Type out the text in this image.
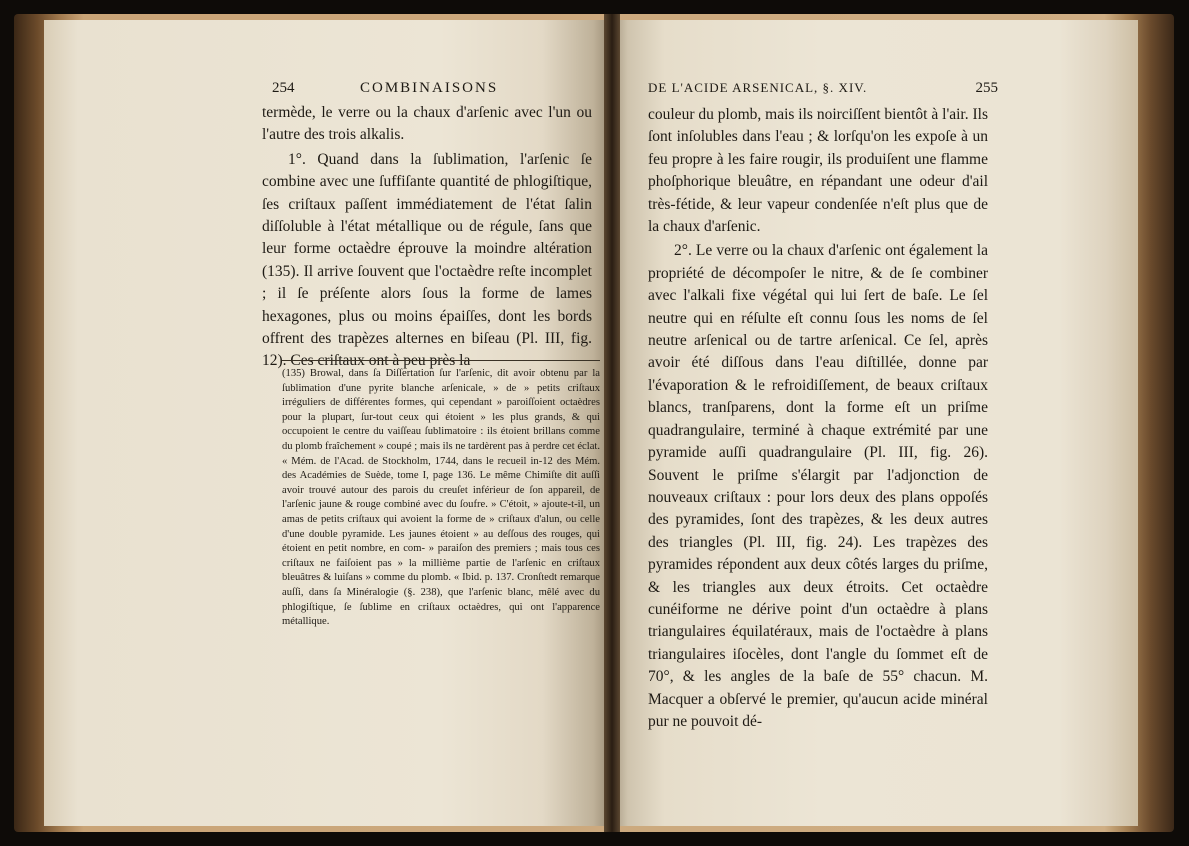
254	COMBINAISONS

termède, le verre ou la chaux d'arſenic avec l'un ou l'autre des trois alkalis.

1°. Quand dans la ſublimation, l'arſenic ſe combine avec une ſuffiſante quantité de phlogiſtique, ſes criſtaux paſſent immédiatement de l'état ſalin diſſoluble à l'état métallique ou de régule, ſans que leur forme octaèdre éprouve la moindre altération (135). Il arrive ſouvent que l'octaèdre reſte incomplet ; il ſe préſente alors ſous la forme de lames hexagones, plus ou moins épaiſſes, dont les bords offrent des trapèzes alternes en biſeau (Pl. III, fig. 12). Ces criſtaux ont à peu près la

(135) Browal, dans ſa Diſſertation ſur l'arſenic, dit avoir obtenu par la ſublimation d'une pyrite blanche arſenicale, » de » petits criſtaux irréguliers de différentes formes, qui cependant » paroiſſoient octaèdres pour la plupart, ſur-tout ceux qui étoient » les plus grands, & qui occupoient le centre du vaiſſeau ſublimatoire : ils étoient brillans comme du plomb fraîchement » coupé ; mais ils ne tardèrent pas à perdre cet éclat. « Mém. de l'Acad. de Stockholm, 1744, dans le recueil in-12 des Mém. des Académies de Suède, tome I, page 136. Le même Chimiſte dit auſſi avoir trouvé autour des parois du creuſet inférieur de ſon appareil, de l'arſenic jaune & rouge combiné avec du ſoufre. » C'étoit, » ajoute-t-il, un amas de petits criſtaux qui avoient la forme de » criſtaux d'alun, ou celle d'une double pyramide. Les jaunes étoient » au deſſous des rouges, qui étoient en petit nombre, en com- » paraiſon des premiers ; mais tous ces criſtaux ne faiſoient pas » la millième partie de l'arſenic en criſtaux bleuâtres & luiſans » comme du plomb. « Ibid. p. 137. Cronſtedt remarque auſſi, dans ſa Minéralogie (§. 238), que l'arſenic blanc, mêlé avec du phlogiſtique, ſe ſublime en criſtaux octaèdres, qui ont l'apparence métallique.
DE L'ACIDE ARSENICAL, §. XIV.	255

couleur du plomb, mais ils noirciſſent bientôt à l'air. Ils ſont inſolubles dans l'eau ; & lorſqu'on les expoſe à un feu propre à les faire rougir, ils produiſent une flamme phoſphorique bleuâtre, en répandant une odeur d'ail très-fétide, & leur vapeur condenſée n'eſt plus que de la chaux d'arſenic.

2°. Le verre ou la chaux d'arſenic ont également la propriété de décompoſer le nitre, & de ſe combiner avec l'alkali fixe végétal qui lui ſert de baſe. Le ſel neutre qui en réſulte eſt connu ſous les noms de ſel neutre arſenical ou de tartre arſenical. Ce ſel, après avoir été diſſous dans l'eau diſtillée, donne par l'évaporation & le refroidiſſement, de beaux criſtaux blancs, tranſparens, dont la forme eſt un priſme quadrangulaire, terminé à chaque extrémité par une pyramide auſſi quadrangulaire (Pl. III, fig. 26). Souvent le priſme s'élargit par l'adjonction de nouveaux criſtaux : pour lors deux des plans oppoſés des pyramides, ſont des trapèzes, & les deux autres des triangles (Pl. III, fig. 24). Les trapèzes des pyramides répondent aux deux côtés larges du priſme, & les triangles aux deux étroits. Cet octaèdre cunéiforme ne dérive point d'un octaèdre à plans triangulaires équilatéraux, mais de l'octaèdre à plans triangulaires iſocèles, dont l'angle du ſommet eſt de 70°, & les angles de la baſe de 55° chacun. M. Macquer a obſervé le premier, qu'aucun acide minéral pur ne pouvoit dé-
